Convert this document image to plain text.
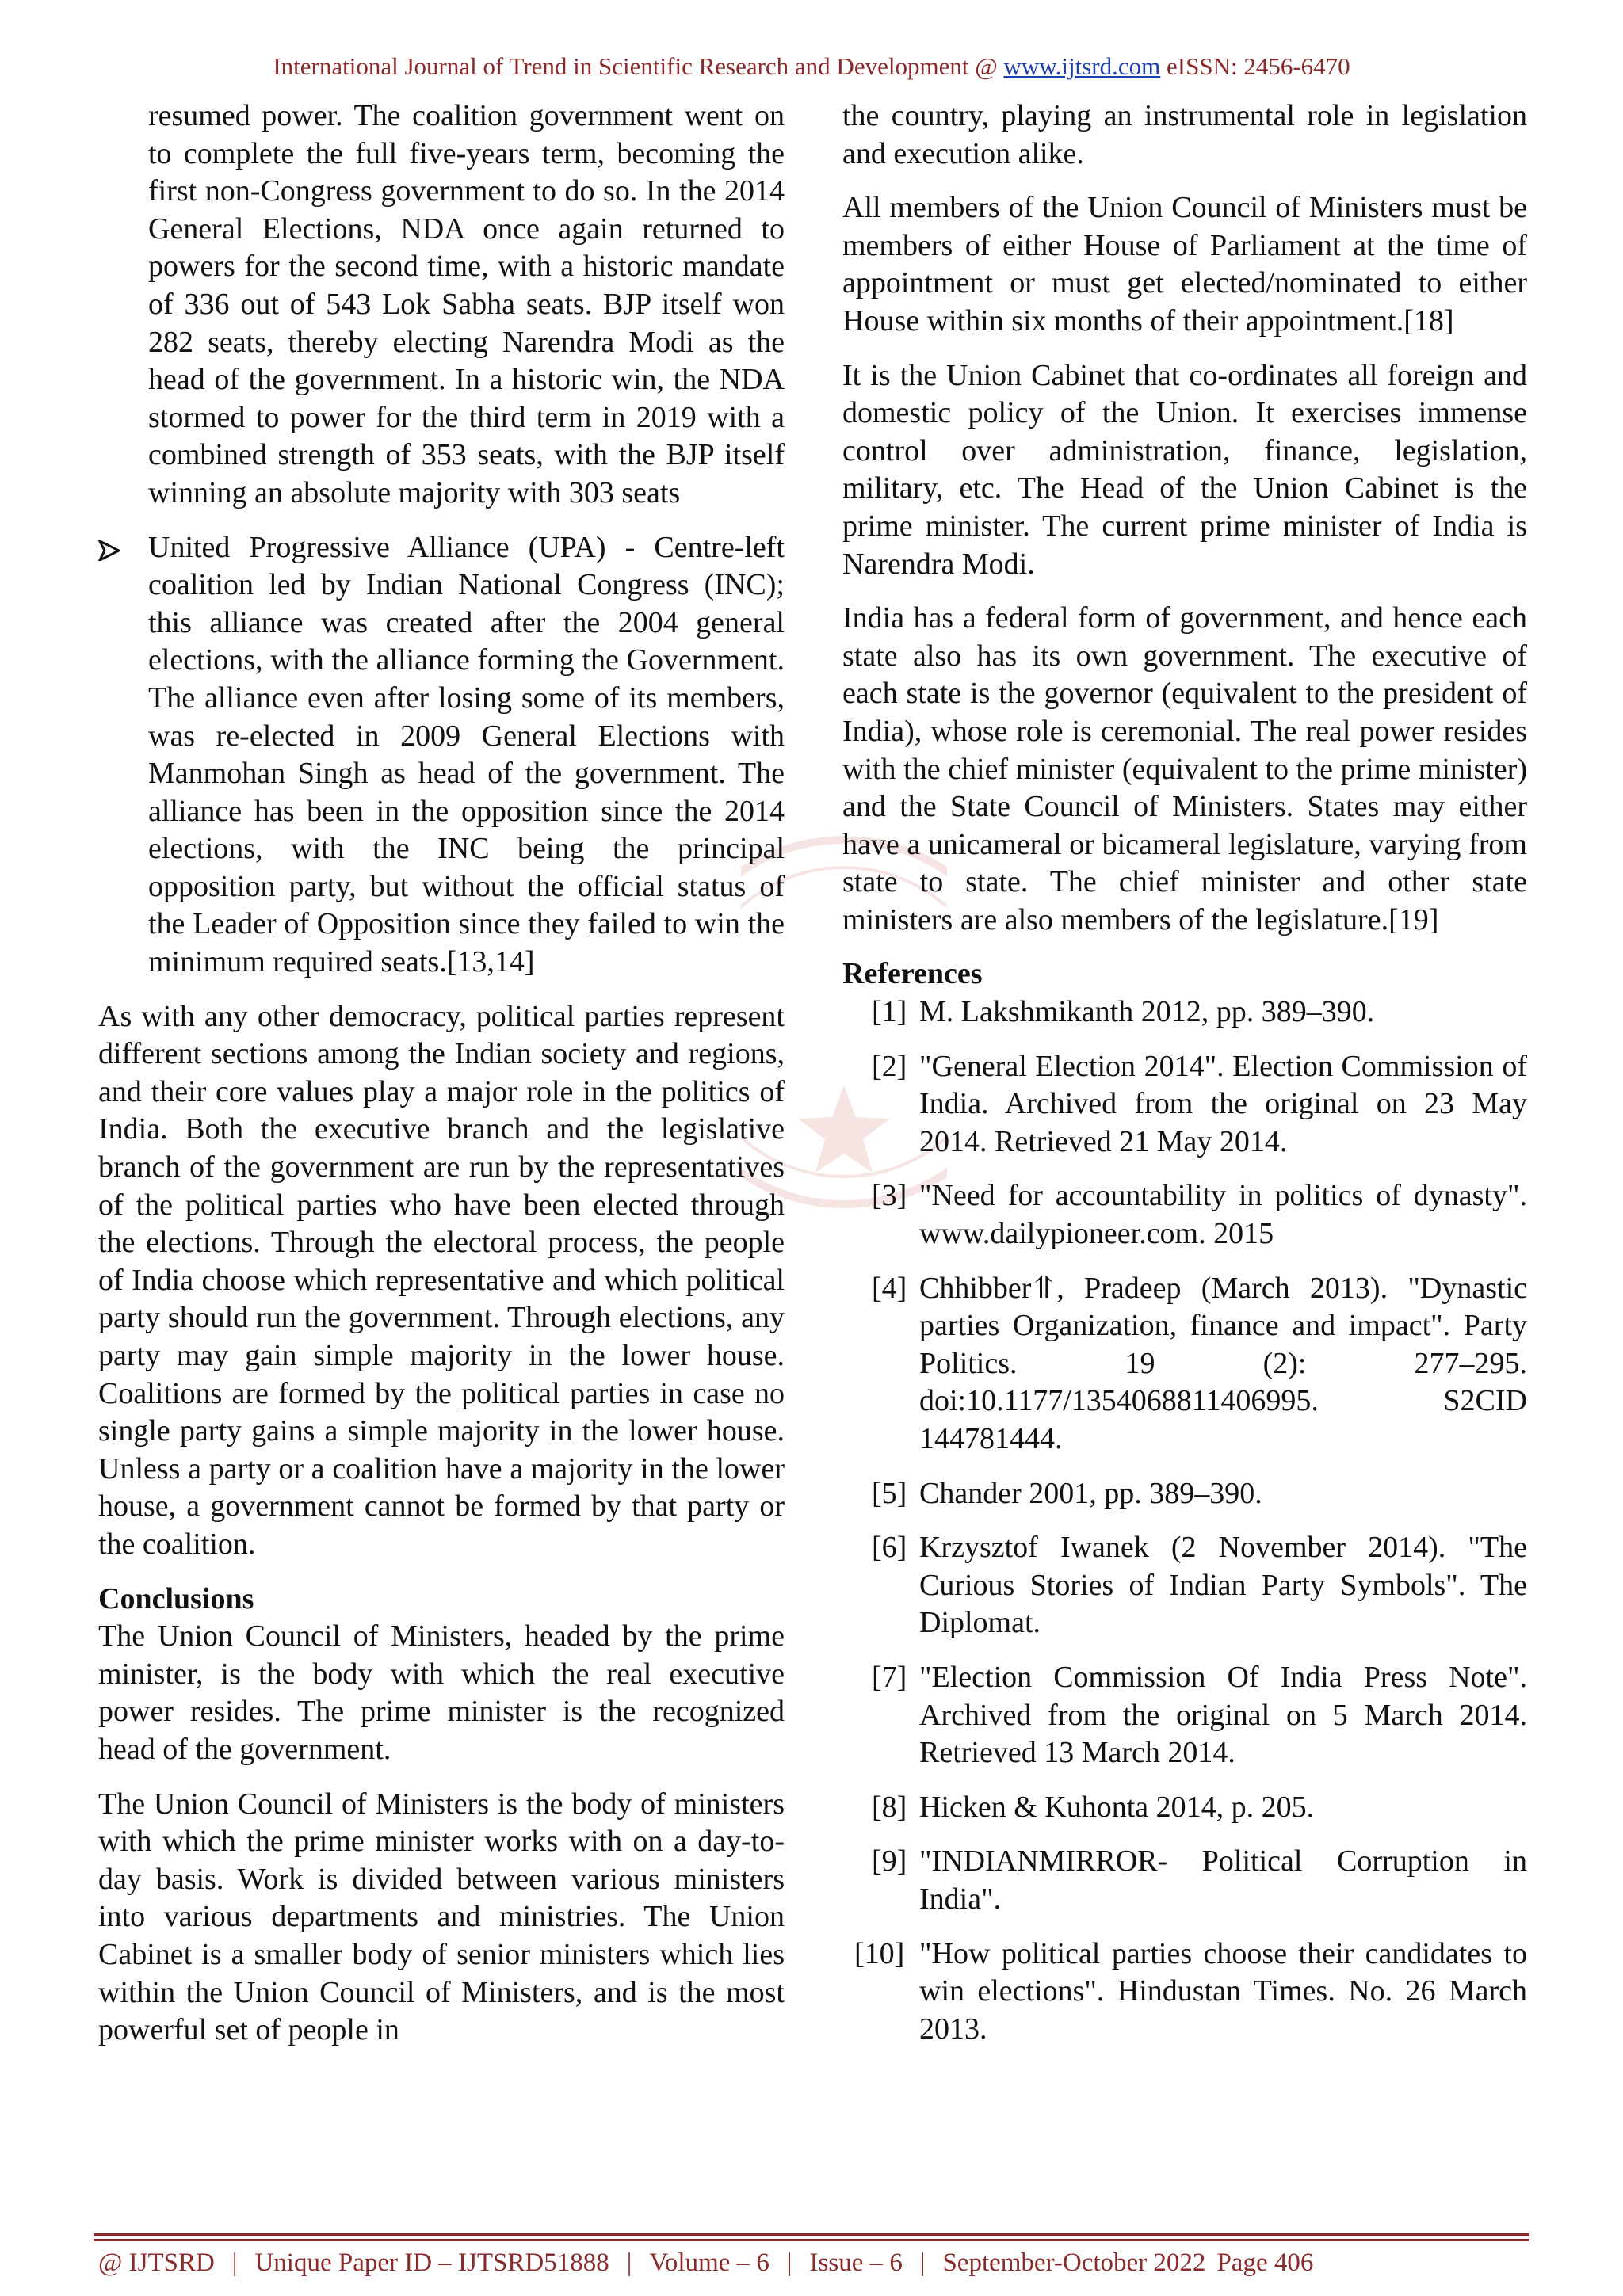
International Journal of Trend in Scientific Research and Development @ www.ijtsrd.com eISSN: 2456-6470

resumed power. The coalition government went on to complete the full five-years term, becoming the first non-Congress government to do so. In the 2014 General Elections, NDA once again returned to powers for the second time, with a historic mandate of 336 out of 543 Lok Sabha seats. BJP itself won 282 seats, thereby electing Narendra Modi as the head of the government. In a historic win, the NDA stormed to power for the third term in 2019 with a combined strength of 353 seats, with the BJP itself winning an absolute majority with 303 seats

United Progressive Alliance (UPA) - Centre-left coalition led by Indian National Congress (INC); this alliance was created after the 2004 general elections, with the alliance forming the Government. The alliance even after losing some of its members, was re-elected in 2009 General Elections with Manmohan Singh as head of the government. The alliance has been in the opposition since the 2014 elections, with the INC being the principal opposition party, but without the official status of the Leader of Opposition since they failed to win the minimum required seats.[13,14]

As with any other democracy, political parties represent different sections among the Indian society and regions, and their core values play a major role in the politics of India. Both the executive branch and the legislative branch of the government are run by the representatives of the political parties who have been elected through the elections. Through the electoral process, the people of India choose which representative and which political party should run the government. Through elections, any party may gain simple majority in the lower house. Coalitions are formed by the political parties in case no single party gains a simple majority in the lower house. Unless a party or a coalition have a majority in the lower house, a government cannot be formed by that party or the coalition.

Conclusions

The Union Council of Ministers, headed by the prime minister, is the body with which the real executive power resides. The prime minister is the recognized head of the government.

The Union Council of Ministers is the body of ministers with which the prime minister works with on a day-to-day basis. Work is divided between various ministers into various departments and ministries. The Union Cabinet is a smaller body of senior ministers which lies within the Union Council of Ministers, and is the most powerful set of people in

the country, playing an instrumental role in legislation and execution alike.

All members of the Union Council of Ministers must be members of either House of Parliament at the time of appointment or must get elected/nominated to either House within six months of their appointment.[18]

It is the Union Cabinet that co-ordinates all foreign and domestic policy of the Union. It exercises immense control over administration, finance, legislation, military, etc. The Head of the Union Cabinet is the prime minister. The current prime minister of India is Narendra Modi.

India has a federal form of government, and hence each state also has its own government. The executive of each state is the governor (equivalent to the president of India), whose role is ceremonial. The real power resides with the chief minister (equivalent to the prime minister) and the State Council of Ministers. States may either have a unicameral or bicameral legislature, varying from state to state. The chief minister and other state ministers are also members of the legislature.[19]

References
[1] M. Lakshmikanth 2012, pp. 389–390.
[2] "General Election 2014". Election Commission of India. Archived from the original on 23 May 2014. Retrieved 21 May 2014.
[3] "Need for accountability in politics of dynasty". www.dailypioneer.com. 2015
[4] Chhibber⥣, Pradeep (March 2013). "Dynastic parties Organization, finance and impact". Party Politics. 19 (2): 277–295. doi:10.1177/1354068811406995. S2CID 144781444.
[5] Chander 2001, pp. 389–390.
[6] Krzysztof Iwanek (2 November 2014). "The Curious Stories of Indian Party Symbols". The Diplomat.
[7] "Election Commission Of India Press Note". Archived from the original on 5 March 2014. Retrieved 13 March 2014.
[8] Hicken & Kuhonta 2014, p. 205.
[9] "INDIANMIRROR- Political Corruption in India".
[10] "How political parties choose their candidates to win elections". Hindustan Times. No. 26 March 2013.
@ IJTSRD | Unique Paper ID – IJTSRD51888 | Volume – 6 | Issue – 6 | September-October 2022 Page 406
